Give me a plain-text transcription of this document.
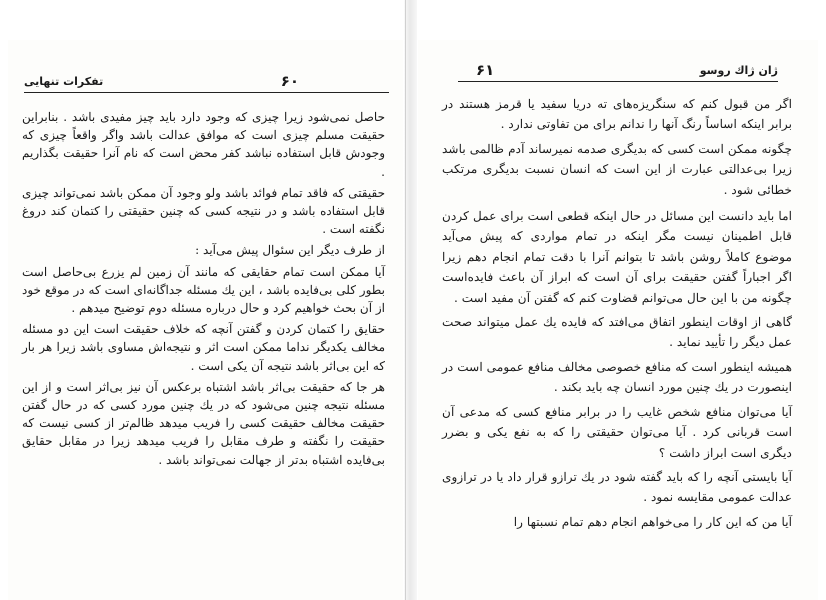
۶۰
تفکرات تنهایی

حاصل نمی‌شود زیرا چیزی که وجود دارد باید چیز مفیدی باشد . بنابراین حقیقت مسلم چیزی است که موافق عدالت باشد واگر واقعاً چیزی که وجودش قابل استفاده نباشد کفر محض است که نام آنرا حقیقت بگذاریم .

حقیقتی که فاقد تمام فوائد باشد ولو وجود آن ممکن باشد نمی‌تواند چیزی قابل استفاده باشد و در نتیجه کسی که چنین حقیقتی را کتمان کند دروغ نگفته است .

از طرف دیگر این سئوال پیش می‌آید :

آیا ممکن است تمام حقایقی که مانند آن زمین لم یزرع بی‌حاصل است بطور کلی بی‌فایده باشد ، این یك مسئله جداگانه‌ای است که در موقع خود از آن بحث خواهیم کرد و حال درباره مسئله دوم توضیح میدهم .

حقایق را کتمان کردن و گفتن آنچه که خلاف حقیقت است این دو مسئله مخالف یکدیگر نداما ممکن است اثر و نتیجه‌اش مساوی باشد زیرا هر بار که این بی‌اثر باشد نتیجه آن یکی است .

هر جا که حقیقت بی‌اثر باشد اشتباه برعکس آن نیز بی‌اثر است و از این مسئله نتیجه چنین می‌شود که در یك چنین مورد کسی که در حال گفتن حقیقت مخالف حقیقت کسی را فریب میدهد ظالم‌تر از کسی نیست که حقیقت را نگفته و طرف مقابل را فریب میدهد زیرا در مقابل حقایق بی‌فایده اشتباه بدتر از جهالت نمی‌تواند باشد .

۶۱	ژان ژاك روسو

اگر من قبول کنم که سنگریزه‌های ته دریا سفید یا قرمز هستند در برابر اینکه اساساً رنگ آنها را ندانم برای من تفاوتی ندارد .

چگونه ممکن است کسی که بدیگری صدمه نمیرساند آدم ظالمی باشد زیرا بی‌عدالتی عبارت از این است که انسان نسبت بدیگری مرتکب خطائی شود .

اما باید دانست این مسائل در حال اینکه قطعی است برای عمل کردن قابل اطمینان نیست مگر اینکه در تمام مواردی که پیش می‌آید موضوع کاملاً روشن باشد تا بتوانم آنرا با دقت تمام انجام دهم زیرا اگر اجباراً گفتن حقیقت برای آن است که ابراز آن باعث فایده‌است چگونه من با این حال می‌توانم قضاوت کنم که گفتن آن مفید است .

گاهی از اوقات اینطور اتفاق می‌افتد که فایده یك عمل میتواند صحت عمل دیگر را تأیید نماید .

همیشه اینطور است که منافع خصوصی مخالف منافع عمومی است در اینصورت در یك چنین مورد انسان چه باید بکند .

آیا می‌توان منافع شخص غایب را در برابر منافع کسی که مدعی آن است قربانی کرد . آیا می‌توان حقیقتی را که به نفع یکی و بضرر دیگری است ابراز داشت ؟

آیا بایستی آنچه را که باید گفته شود در یك ترازو قرار داد یا در ترازوی عدالت عمومی مقایسه نمود .

آیا من که این کار را می‌خواهم انجام دهم تمام نسبتها را
